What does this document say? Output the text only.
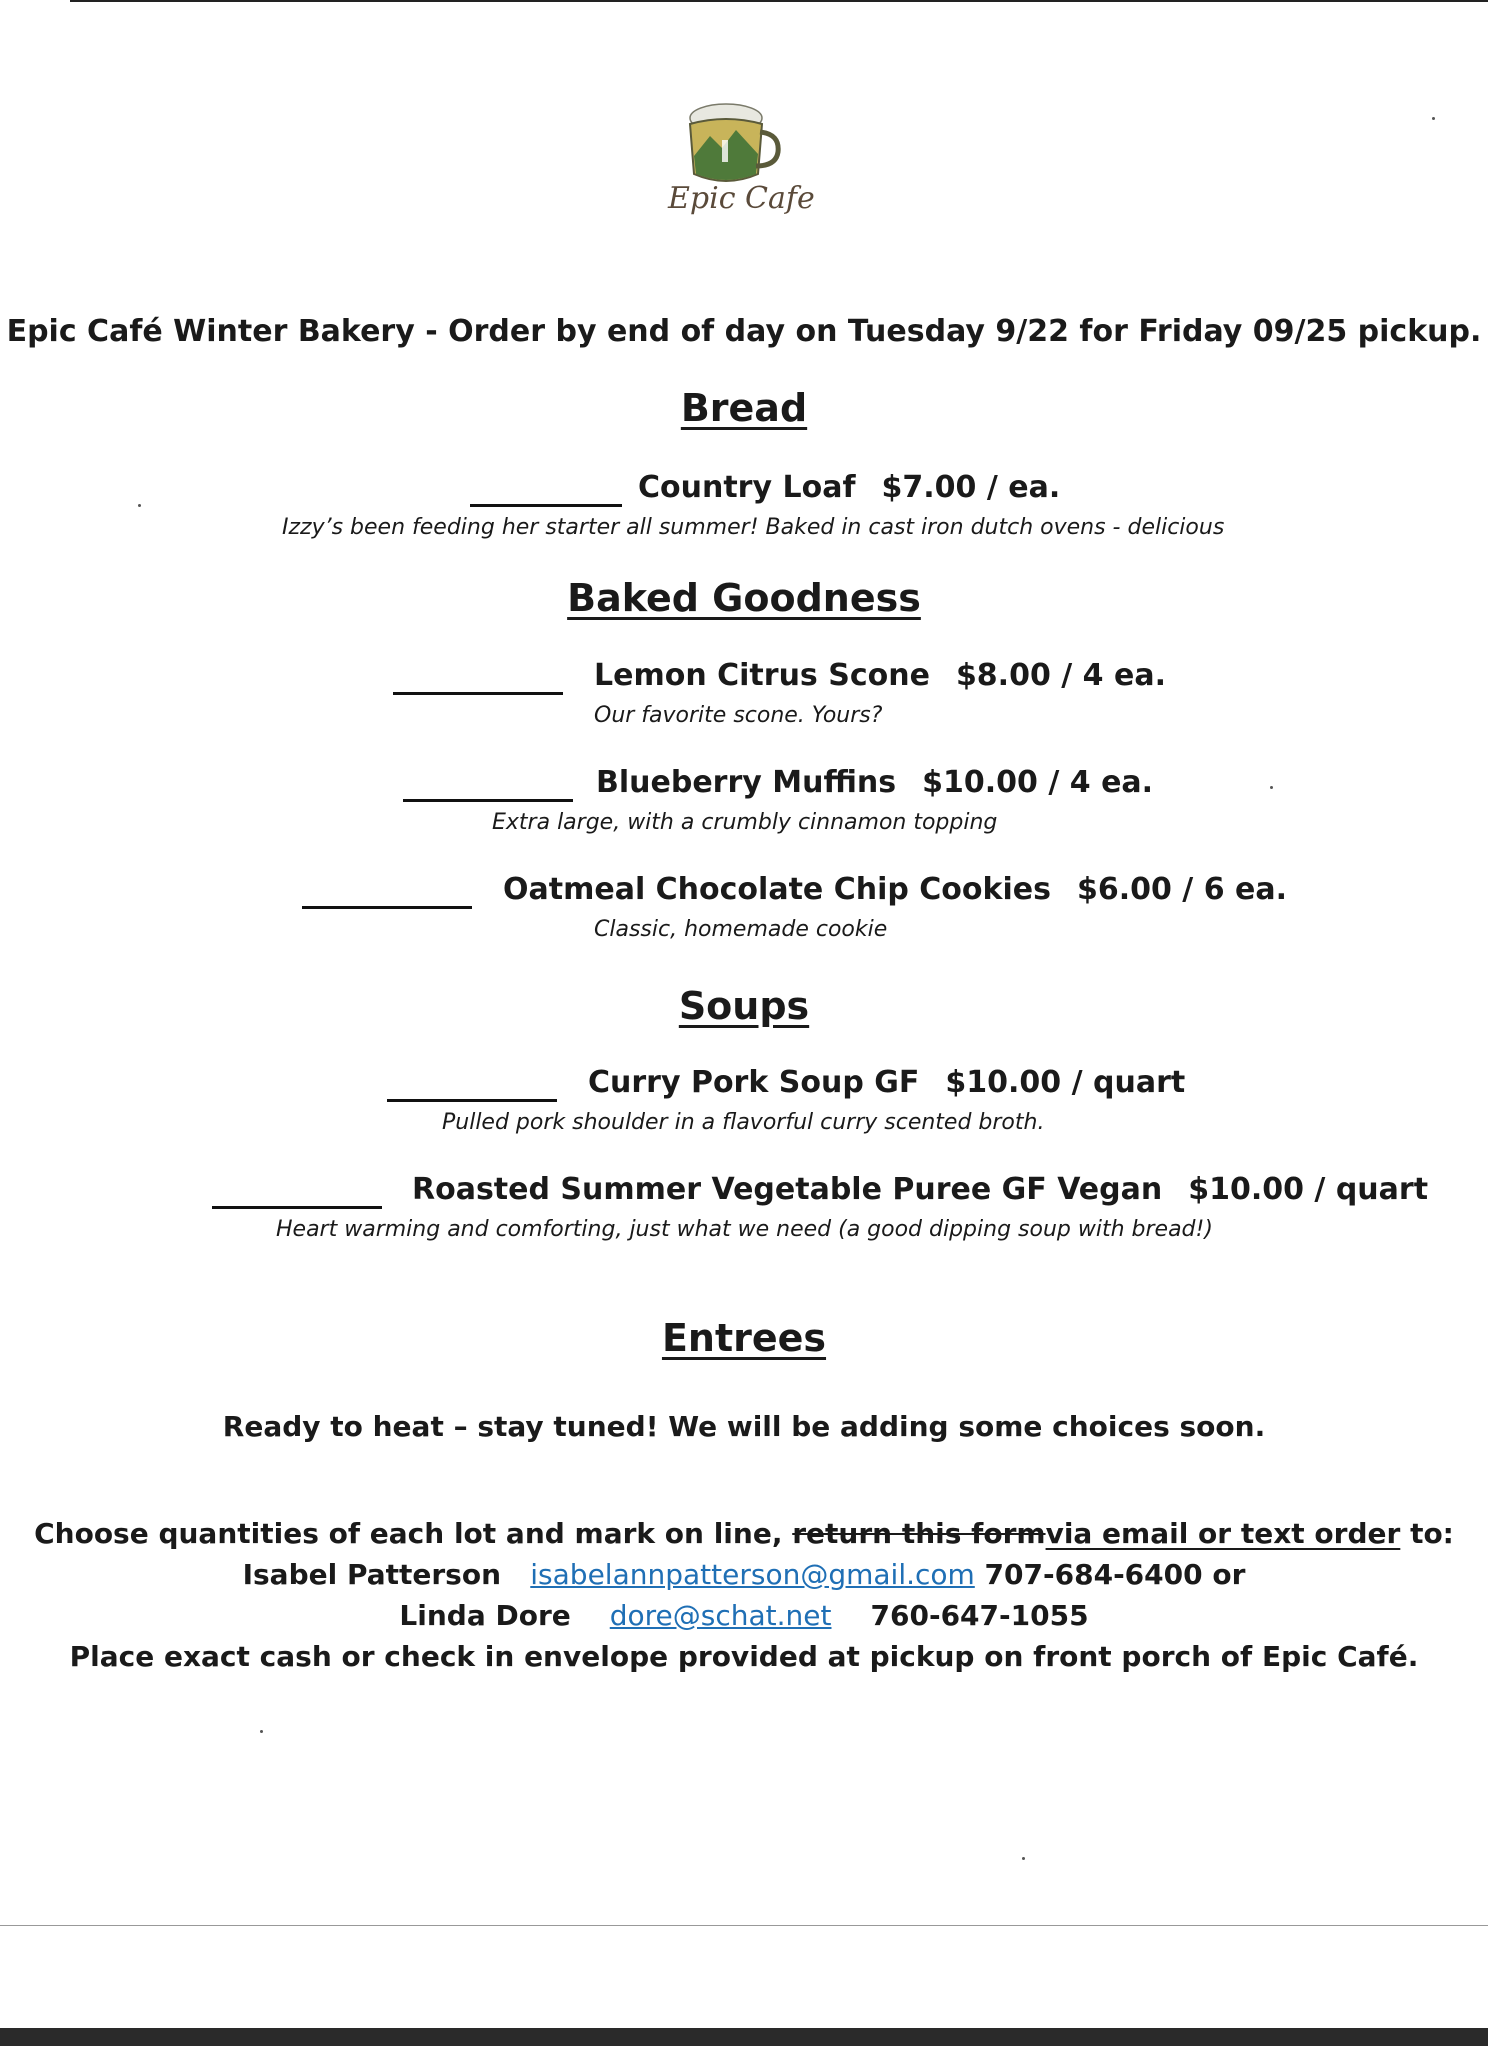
Epic Cafe
Epic Café Winter Bakery - Order by end of day on Tuesday 9/22 for Friday 09/25 pickup.
Bread
Country Loaf $7.00 / ea.
Izzy’s been feeding her starter all summer! Baked in cast iron dutch ovens - delicious
Baked Goodness
Lemon Citrus Scone $8.00 / 4 ea.
Our favorite scone. Yours?
Blueberry Muffins $10.00 / 4 ea.
Extra large, with a crumbly cinnamon topping
Oatmeal Chocolate Chip Cookies $6.00 / 6 ea.
Classic, homemade cookie
Soups
Curry Pork Soup GF $10.00 / quart
Pulled pork shoulder in a flavorful curry scented broth.
Roasted Summer Vegetable Puree GF Vegan $10.00 / quart
Heart warming and comforting, just what we need (a good dipping soup with bread!)
Entrees
Ready to heat – stay tuned! We will be adding some choices soon.
Choose quantities of each lot and mark on line, return this formvia email or text order to:
Isabel Patterson isabelannpatterson@gmail.com 707-684-6400 or
Linda Dore dore@schat.net 760-647-1055
Place exact cash or check in envelope provided at pickup on front porch of Epic Café.
